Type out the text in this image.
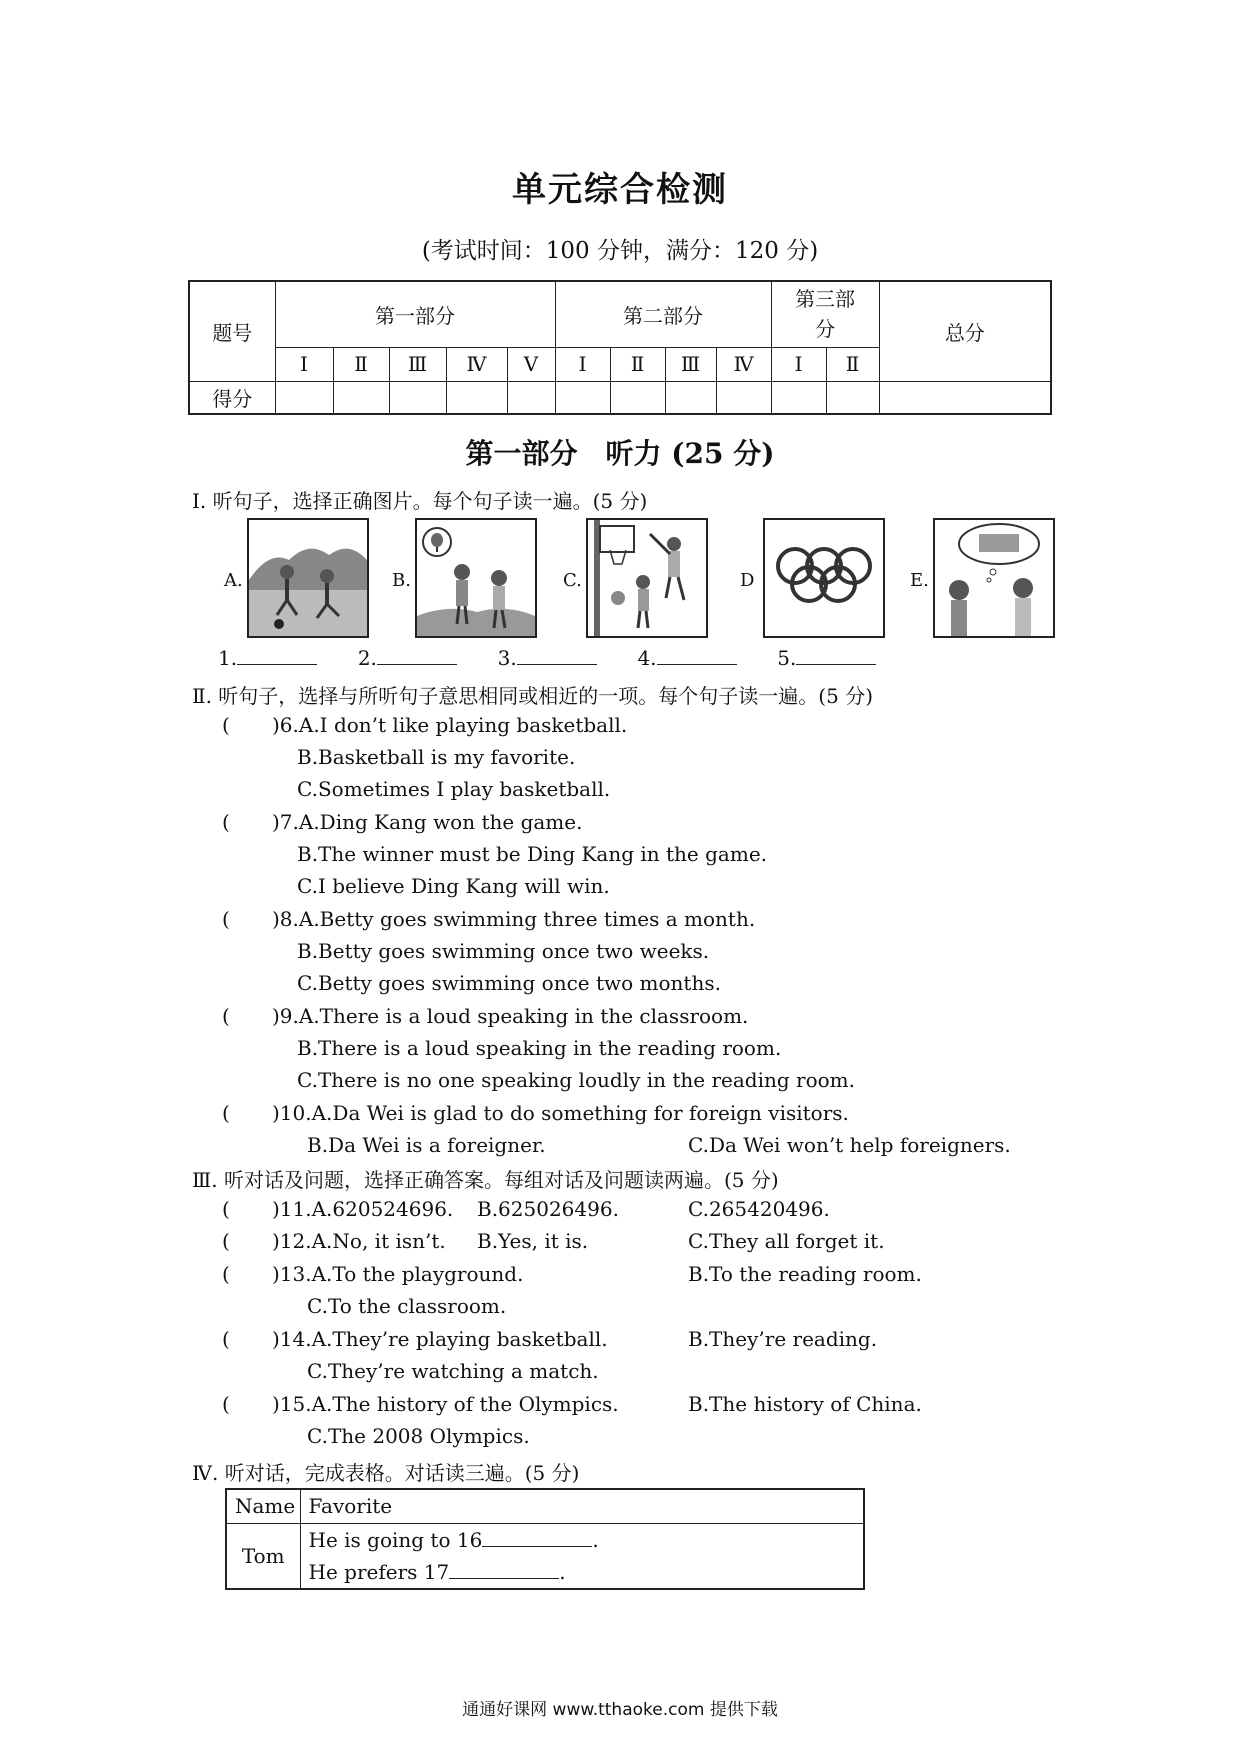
单元综合检测
(考试时间：100 分钟，满分：120 分)
题号	第一部分					第二部分				第三部
分		总分
	Ⅰ	Ⅱ	Ⅲ	Ⅳ	Ⅴ	Ⅰ	Ⅱ	Ⅲ	Ⅳ	Ⅰ	Ⅱ	
得分												
第一部分　听力 (25 分)
Ⅰ. 听句子，选择正确图片。每个句子读一遍。(5 分)
A.	B.	C.	D	E.
1.	2.	3.	4.	5.
Ⅱ. 听句子，选择与所听句子意思相同或相近的一项。每个句子读一遍。(5 分)
( )6.A.I don’t like playing basketball.
B.Basketball is my favorite.
C.Sometimes I play basketball.
( )7.A.Ding Kang won the game.
B.The winner must be Ding Kang in the game.
C.I believe Ding Kang will win.
( )8.A.Betty goes swimming three times a month.
B.Betty goes swimming once two weeks.
C.Betty goes swimming once two months.
( )9.A.There is a loud speaking in the classroom.
B.There is a loud speaking in the reading room.
C.There is no one speaking loudly in the reading room.
( )10.A.Da Wei is glad to do something for foreign visitors.
B.Da Wei is a foreigner.	C.Da Wei won’t help foreigners.
Ⅲ. 听对话及问题，选择正确答案。每组对话及问题读两遍。(5 分)
( )11.A.620524696. B.625026496.	C.265420496.
( )12.A.No, it isn’t. B.Yes, it is.	C.They all forget it.
( )13.A.To the playground.	B.To the reading room.
C.To the classroom.
( )14.A.They’re playing basketball.	B.They’re reading.
C.They’re watching a match.
( )15.A.The history of the Olympics.	B.The history of China.
C.The 2008 Olympics.
Ⅳ. 听对话，完成表格。对话读三遍。(5 分)
Name	Favorite
Tom	He is going to 16 .
He prefers 17 .
通通好课网 www.tthaoke.com 提供下载
